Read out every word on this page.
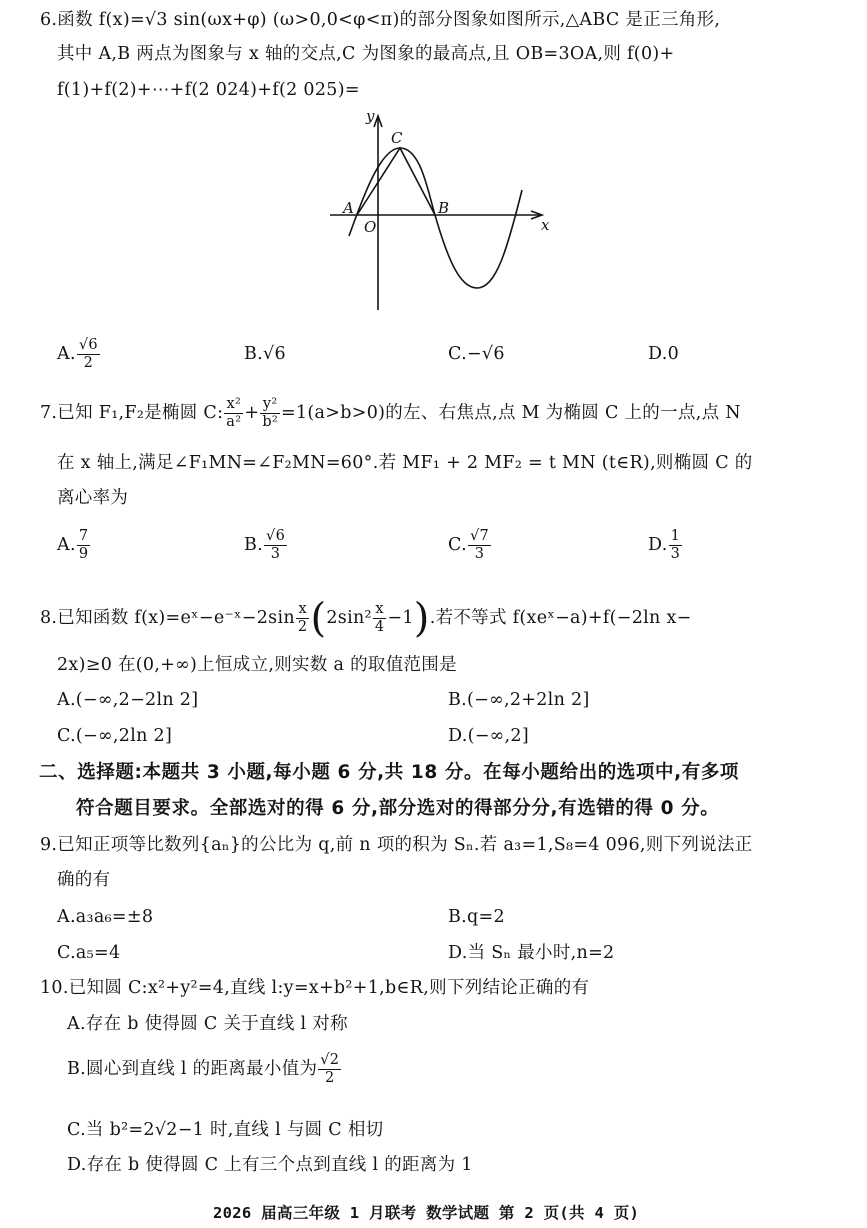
6.函数 f(x)=√3 sin(ωx+φ) (ω>0,0<φ<π)的部分图象如图所示,△ABC 是正三角形,
其中 A,B 两点为图象与 x 轴的交点,C 为图象的最高点,且 OB=3OA,则 f(0)+
f(1)+f(2)+⋯+f(2 024)+f(2 025)=
y
x
C
A
O
B
A. $\frac{√6}{2}$	B.√6	C.−√6	D.0
7.已知 F₁,F₂是椭圆 C: $\frac{\text{x²}}{\text{a²}} + \frac{\text{y²}}{\text{b²}} =1(a>b>0)$的左、右焦点,点 M 为椭圆 C 上的一点,点 N
在 x 轴上,满足∠F₁MN=∠F₂MN=60°.若 MF₁ + 2 MF₂ = t MN (t∈R),则椭圆 C 的
离心率为
A. $\frac{7}{9}$	B. $\frac{√6}{3}$	C. $\frac{√7}{3}$	D. $\frac{1}{3}$
8.已知函数 f(x)=eˣ−e⁻ˣ−2sin $\frac{x}{2} (2\sin^2 \frac{x}{4} -1)$.若不等式 f(xeˣ−a)+f(−2ln x−
2x)≥0 在(0,+∞)上恒成立,则实数 a 的取值范围是
A.(−∞,2−2ln 2]	B.(−∞,2+2ln 2]
C.(−∞,2ln 2]	D.(−∞,2]
二、选择题:本题共 3 小题,每小题 6 分,共 18 分。在每小题给出的选项中,有多项
符合题目要求。全部选对的得 6 分,部分选对的得部分分,有选错的得 0 分。
9.已知正项等比数列{aₙ}的公比为 q,前 n 项的积为 Sₙ.若 a₃=1,S₈=4 096,则下列说法正
确的有
A.a₃a₆=±8	B.q=2
C.a₅=4	D.当 Sₙ 最小时,n=2
10.已知圆 C:x²+y²=4,直线 l:y=x+b²+1,b∈R,则下列结论正确的有
A.存在 b 使得圆 C 关于直线 l 对称
B.圆心到直线 l 的距离最小值为 $\frac{√2}{2}$
C.当 b²=2√2−1 时,直线 l 与圆 C 相切
D.存在 b 使得圆 C 上有三个点到直线 l 的距离为 1
2026 届高三年级 1 月联考 数学试题 第 2 页(共 4 页)
